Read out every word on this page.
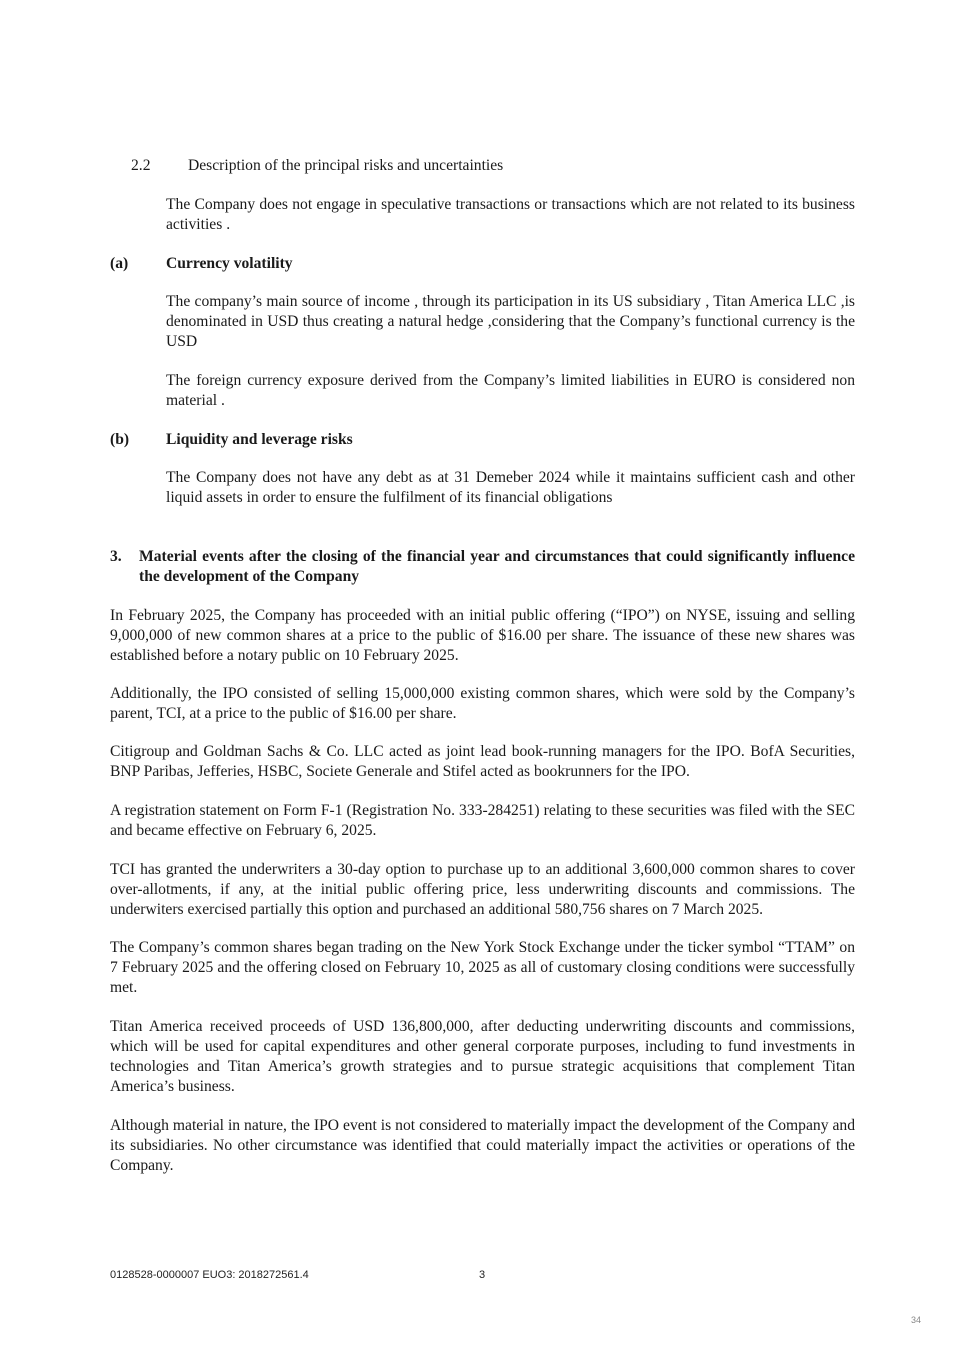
2.2 Description of the principal risks and uncertainties

The Company does not engage in speculative transactions or transactions which are not related to its business activities .

(a) Currency volatility

The company’s main source of income , through its participation in its US subsidiary , Titan America LLC ,is denominated in USD thus creating a natural hedge ,considering that the Company’s functional currency is the USD

The foreign currency exposure derived from the Company’s limited liabilities in EURO is considered non material .

(b) Liquidity and leverage risks

The Company does not have any debt as at 31 Demeber 2024 while it maintains sufficient cash and other liquid assets in order to ensure the fulfilment of its financial obligations

3. Material events after the closing of the financial year and circumstances that could significantly influence the development of the Company

In February 2025, the Company has proceeded with an initial public offering (“IPO”) on NYSE, issuing and selling 9,000,000 of new common shares at a price to the public of $16.00 per share. The issuance of these new shares was established before a notary public on 10 February 2025.

Additionally, the IPO consisted of selling 15,000,000 existing common shares, which were sold by the Company’s parent, TCI, at a price to the public of $16.00 per share.

Citigroup and Goldman Sachs & Co. LLC acted as joint lead book-running managers for the IPO. BofA Securities, BNP Paribas, Jefferies, HSBC, Societe Generale and Stifel acted as bookrunners for the IPO.

A registration statement on Form F-1 (Registration No. 333-284251) relating to these securities was filed with the SEC and became effective on February 6, 2025.

TCI has granted the underwriters a 30-day option to purchase up to an additional 3,600,000 common shares to cover over-allotments, if any, at the initial public offering price, less underwriting discounts and commissions. The underwiters exercised partially this option and purchased an additional 580,756 shares on 7 March 2025.

The Company’s common shares began trading on the New York Stock Exchange under the ticker symbol “TTAM” on 7 February 2025 and the offering closed on February 10, 2025 as all of customary closing conditions were successfully met.

Titan America received proceeds of USD 136,800,000, after deducting underwriting discounts and commissions, which will be used for capital expenditures and other general corporate purposes, including to fund investments in technologies and Titan America’s growth strategies and to pursue strategic acquisitions that complement Titan America’s business.

Although material in nature, the IPO event is not considered to materially impact the development of the Company and its subsidiaries. No other circumstance was identified that could materially impact the activities or operations of the Company.

0128528-0000007 EUO3: 2018272561.4	3
34
